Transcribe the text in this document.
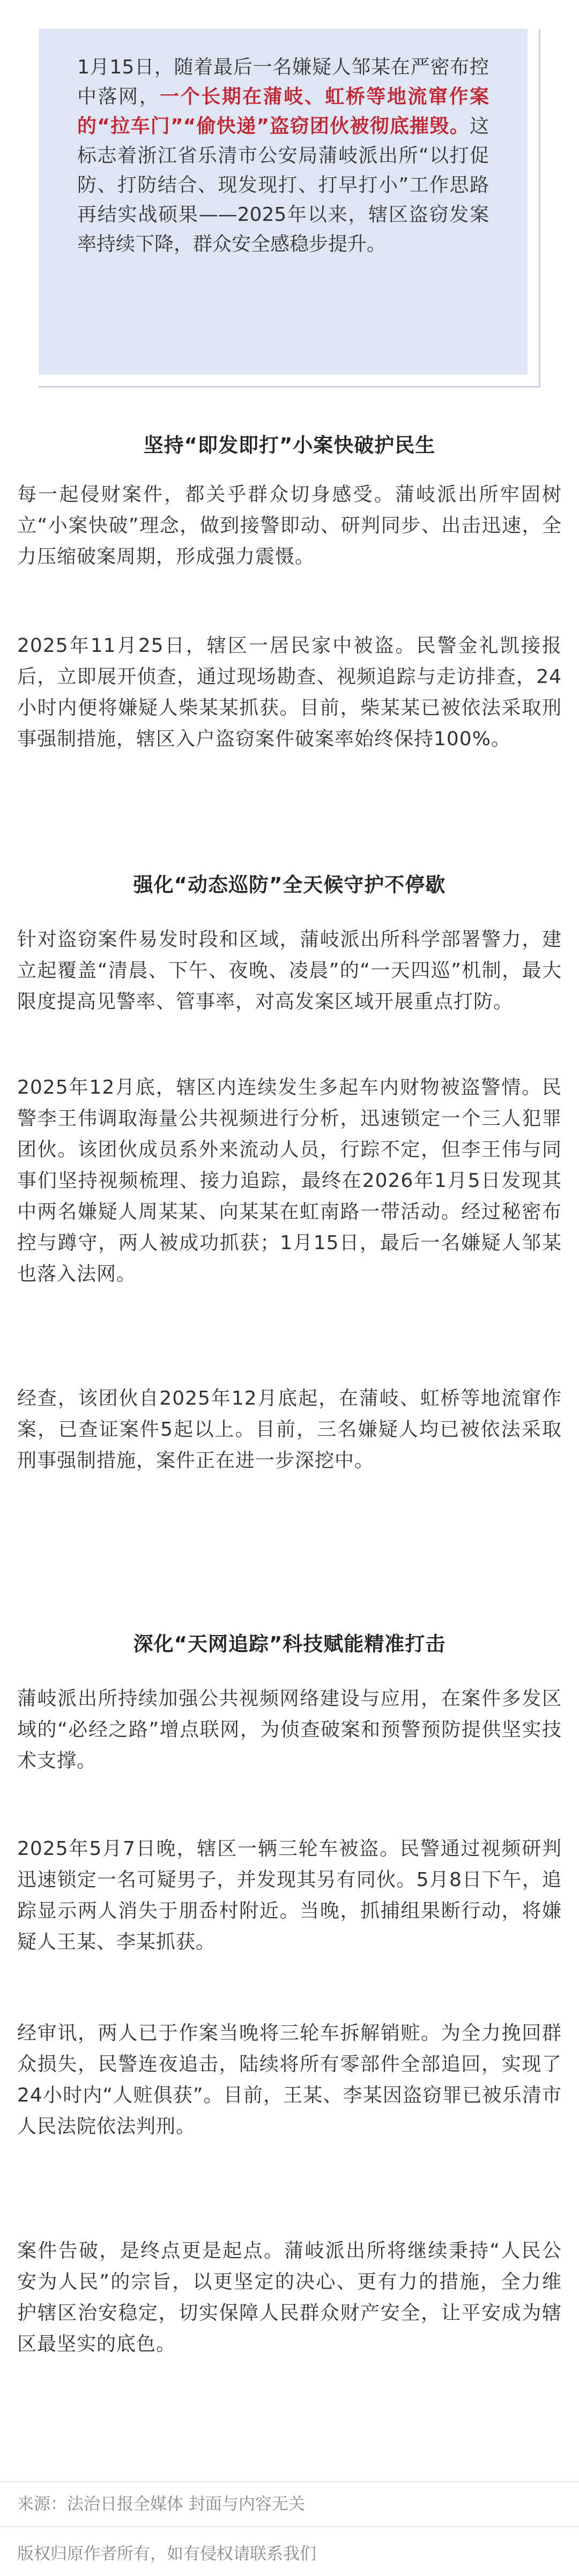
1月15日，随着最后一名嫌疑人邹某在严密布控中落网，一个长期在蒲岐、虹桥等地流窜作案的“拉车门”“偷快递”盗窃团伙被彻底摧毁。这标志着浙江省乐清市公安局蒲岐派出所“以打促防、打防结合、现发现打、打早打小”工作思路再结实战硕果——2025年以来，辖区盗窃发案率持续下降，群众安全感稳步提升。

坚持“即发即打”小案快破护民生

每一起侵财案件，都关乎群众切身感受。蒲岐派出所牢固树立“小案快破”理念，做到接警即动、研判同步、出击迅速，全力压缩破案周期，形成强力震慑。

2025年11月25日，辖区一居民家中被盗。民警金礼凯接报后，立即展开侦查，通过现场勘查、视频追踪与走访排查，24小时内便将嫌疑人柴某某抓获。目前，柴某某已被依法采取刑事强制措施，辖区入户盗窃案件破案率始终保持100%。

强化“动态巡防”全天候守护不停歇

针对盗窃案件易发时段和区域，蒲岐派出所科学部署警力，建立起覆盖“清晨、下午、夜晚、凌晨”的“一天四巡”机制，最大限度提高见警率、管事率，对高发案区域开展重点打防。

2025年12月底，辖区内连续发生多起车内财物被盗警情。民警李王伟调取海量公共视频进行分析，迅速锁定一个三人犯罪团伙。该团伙成员系外来流动人员，行踪不定，但李王伟与同事们坚持视频梳理、接力追踪，最终在2026年1月5日发现其中两名嫌疑人周某某、向某某在虹南路一带活动。经过秘密布控与蹲守，两人被成功抓获；1月15日，最后一名嫌疑人邹某也落入法网。

经查，该团伙自2025年12月底起，在蒲岐、虹桥等地流窜作案，已查证案件5起以上。目前，三名嫌疑人均已被依法采取刑事强制措施，案件正在进一步深挖中。

深化“天网追踪”科技赋能精准打击

蒲岐派出所持续加强公共视频网络建设与应用，在案件多发区域的“必经之路”增点联网，为侦查破案和预警预防提供坚实技术支撑。

2025年5月7日晚，辖区一辆三轮车被盗。民警通过视频研判迅速锁定一名可疑男子，并发现其另有同伙。5月8日下午，追踪显示两人消失于朋岙村附近。当晚，抓捕组果断行动，将嫌疑人王某、李某抓获。

经审讯，两人已于作案当晚将三轮车拆解销赃。为全力挽回群众损失，民警连夜追击，陆续将所有零部件全部追回，实现了24小时内“人赃俱获”。目前，王某、李某因盗窃罪已被乐清市人民法院依法判刑。

案件告破，是终点更是起点。蒲岐派出所将继续秉持“人民公安为人民”的宗旨，以更坚定的决心、更有力的措施，全力维护辖区治安稳定，切实保障人民群众财产安全，让平安成为辖区最坚实的底色。

来源：法治日报全媒体 封面与内容无关

版权归原作者所有，如有侵权请联系我们
